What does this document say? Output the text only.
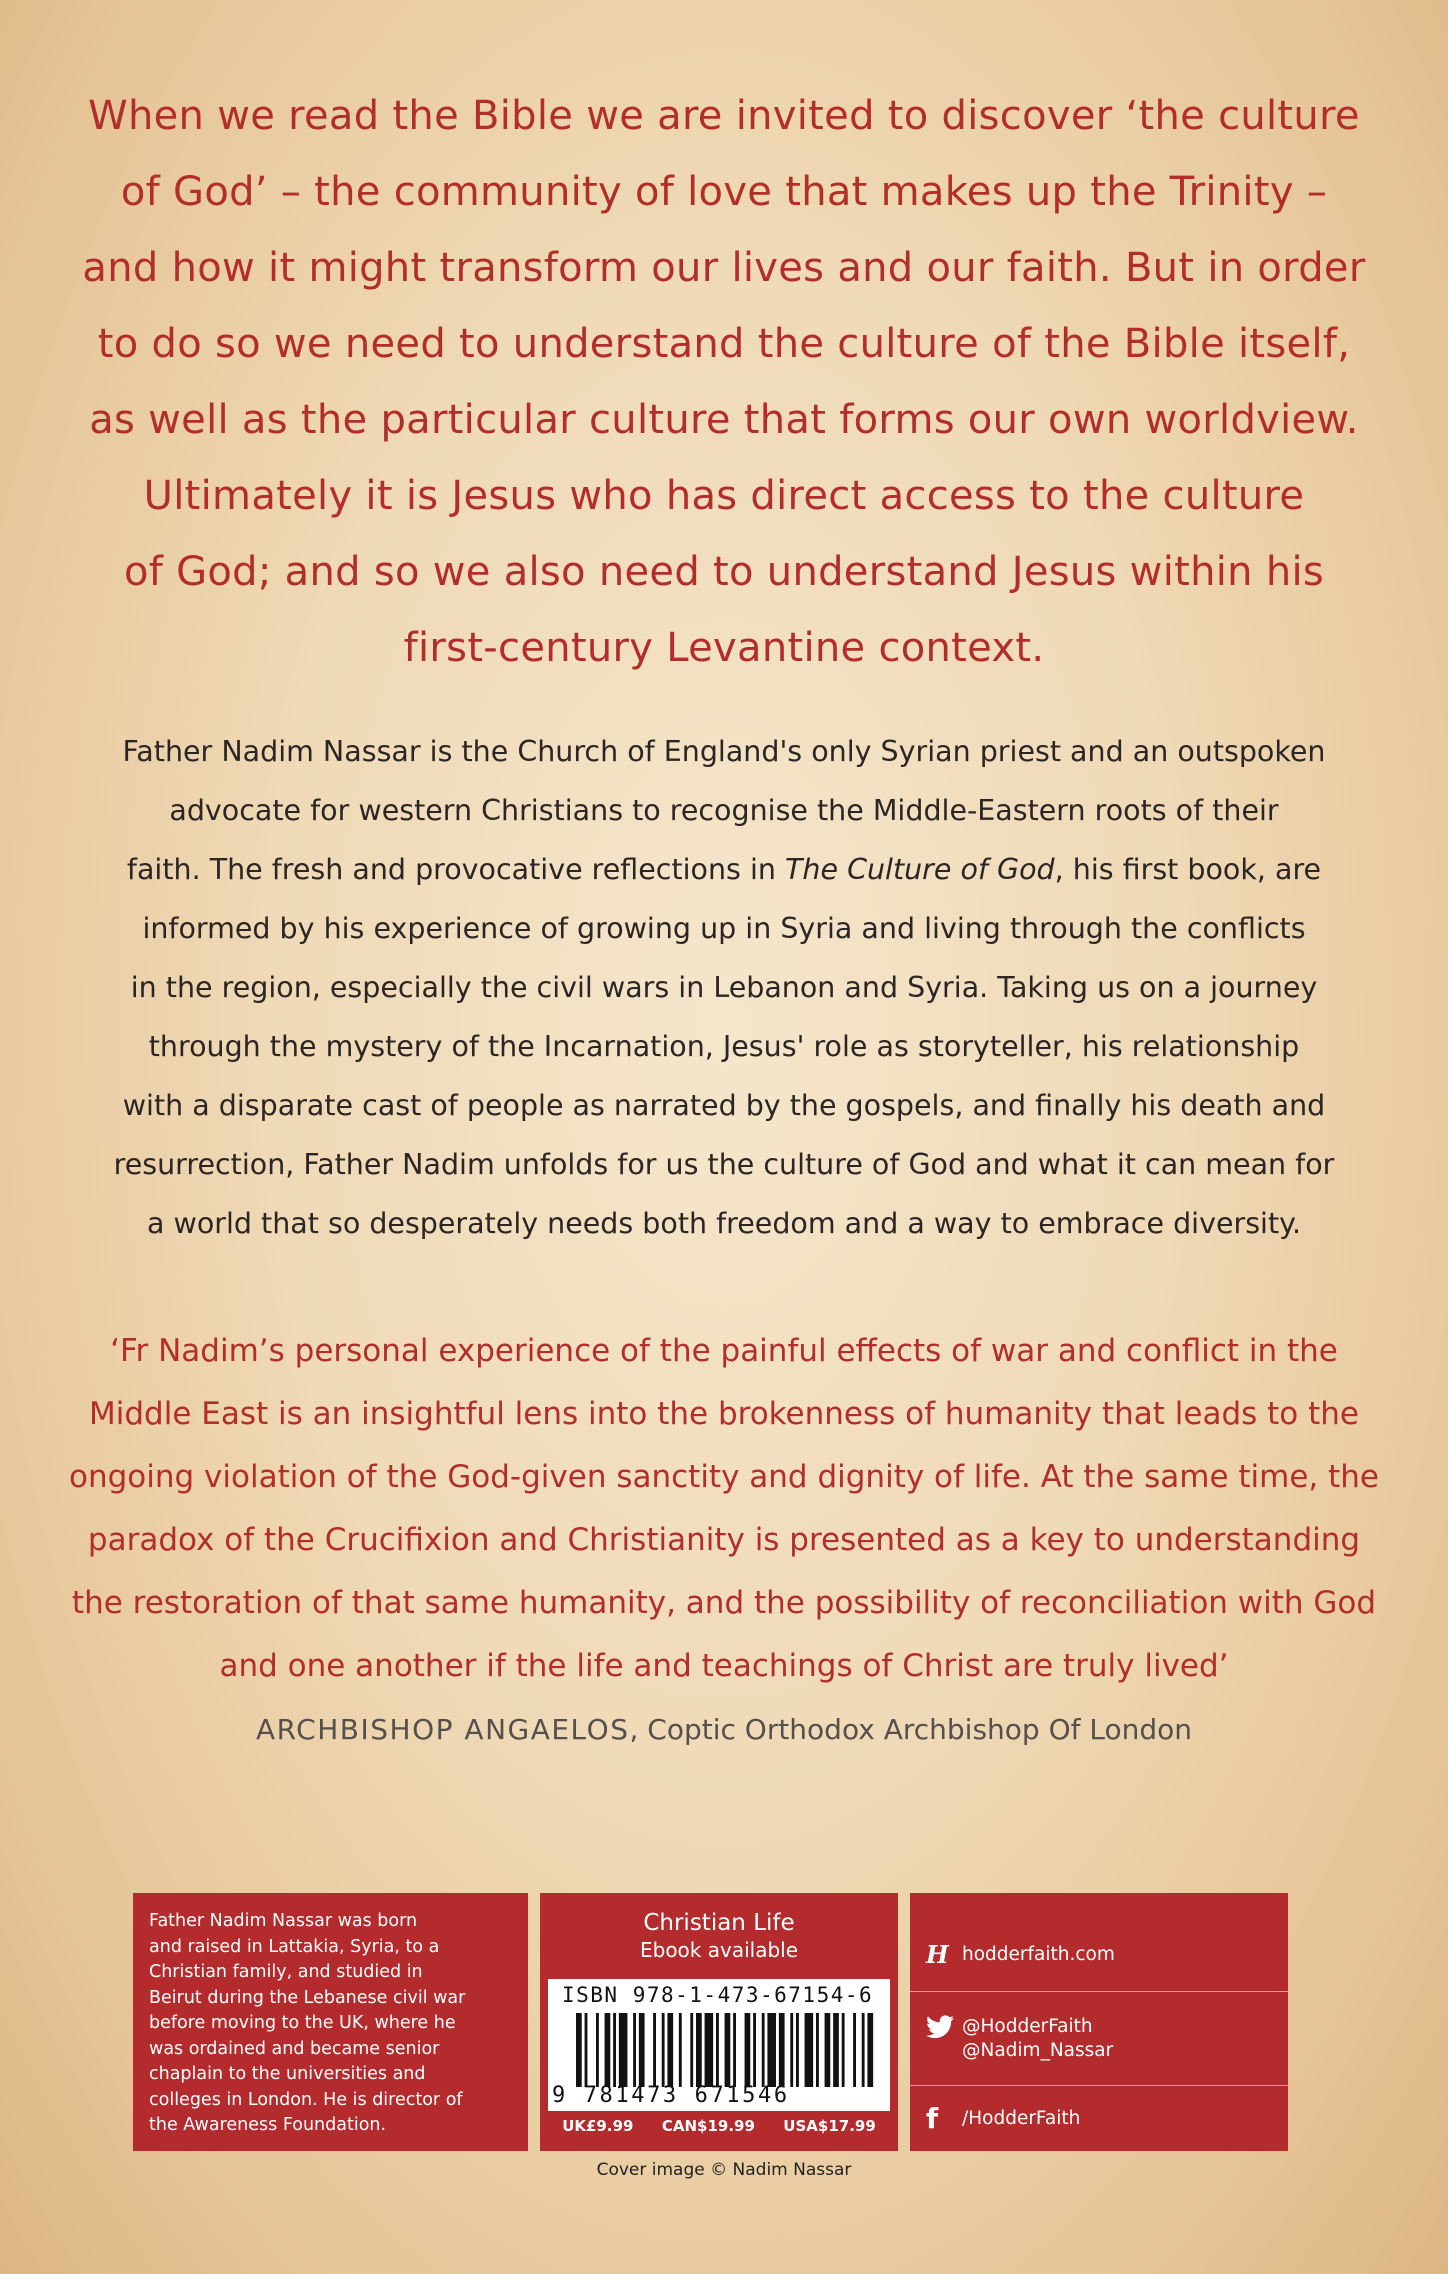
When we read the Bible we are invited to discover ‘the culture
of God’ – the community of love that makes up the Trinity –
and how it might transform our lives and our faith. But in order
to do so we need to understand the culture of the Bible itself,
as well as the particular culture that forms our own worldview.
Ultimately it is Jesus who has direct access to the culture
of God; and so we also need to understand Jesus within his
first-century Levantine context.
Father Nadim Nassar is the Church of England's only Syrian priest and an outspoken
advocate for western Christians to recognise the Middle-Eastern roots of their
faith. The fresh and provocative reflections in The Culture of God, his first book, are
informed by his experience of growing up in Syria and living through the conflicts
in the region, especially the civil wars in Lebanon and Syria. Taking us on a journey
through the mystery of the Incarnation, Jesus' role as storyteller, his relationship
with a disparate cast of people as narrated by the gospels, and finally his death and
resurrection, Father Nadim unfolds for us the culture of God and what it can mean for
a world that so desperately needs both freedom and a way to embrace diversity.
‘Fr Nadim’s personal experience of the painful effects of war and conflict in the
Middle East is an insightful lens into the brokenness of humanity that leads to the
ongoing violation of the God-given sanctity and dignity of life. At the same time, the
paradox of the Crucifixion and Christianity is presented as a key to understanding
the restoration of that same humanity, and the possibility of reconciliation with God
and one another if the life and teachings of Christ are truly lived’
ARCHBISHOP ANGAELOS, Coptic Orthodox Archbishop Of London
Father Nadim Nassar was born
and raised in Lattakia, Syria, to a
Christian family, and studied in
Beirut during the Lebanese civil war
before moving to the UK, where he
was ordained and became senior
chaplain to the universities and
colleges in London. He is director of
the Awareness Foundation.
Christian Life
Ebook available
ISBN 978-1-473-67154-6
9 781473 671546
UK£9.99 CAN$19.99 USA$17.99
H hodderfaith.com
@HodderFaith
@Nadim_Nassar
f	/HodderFaith
Cover image © Nadim Nassar
